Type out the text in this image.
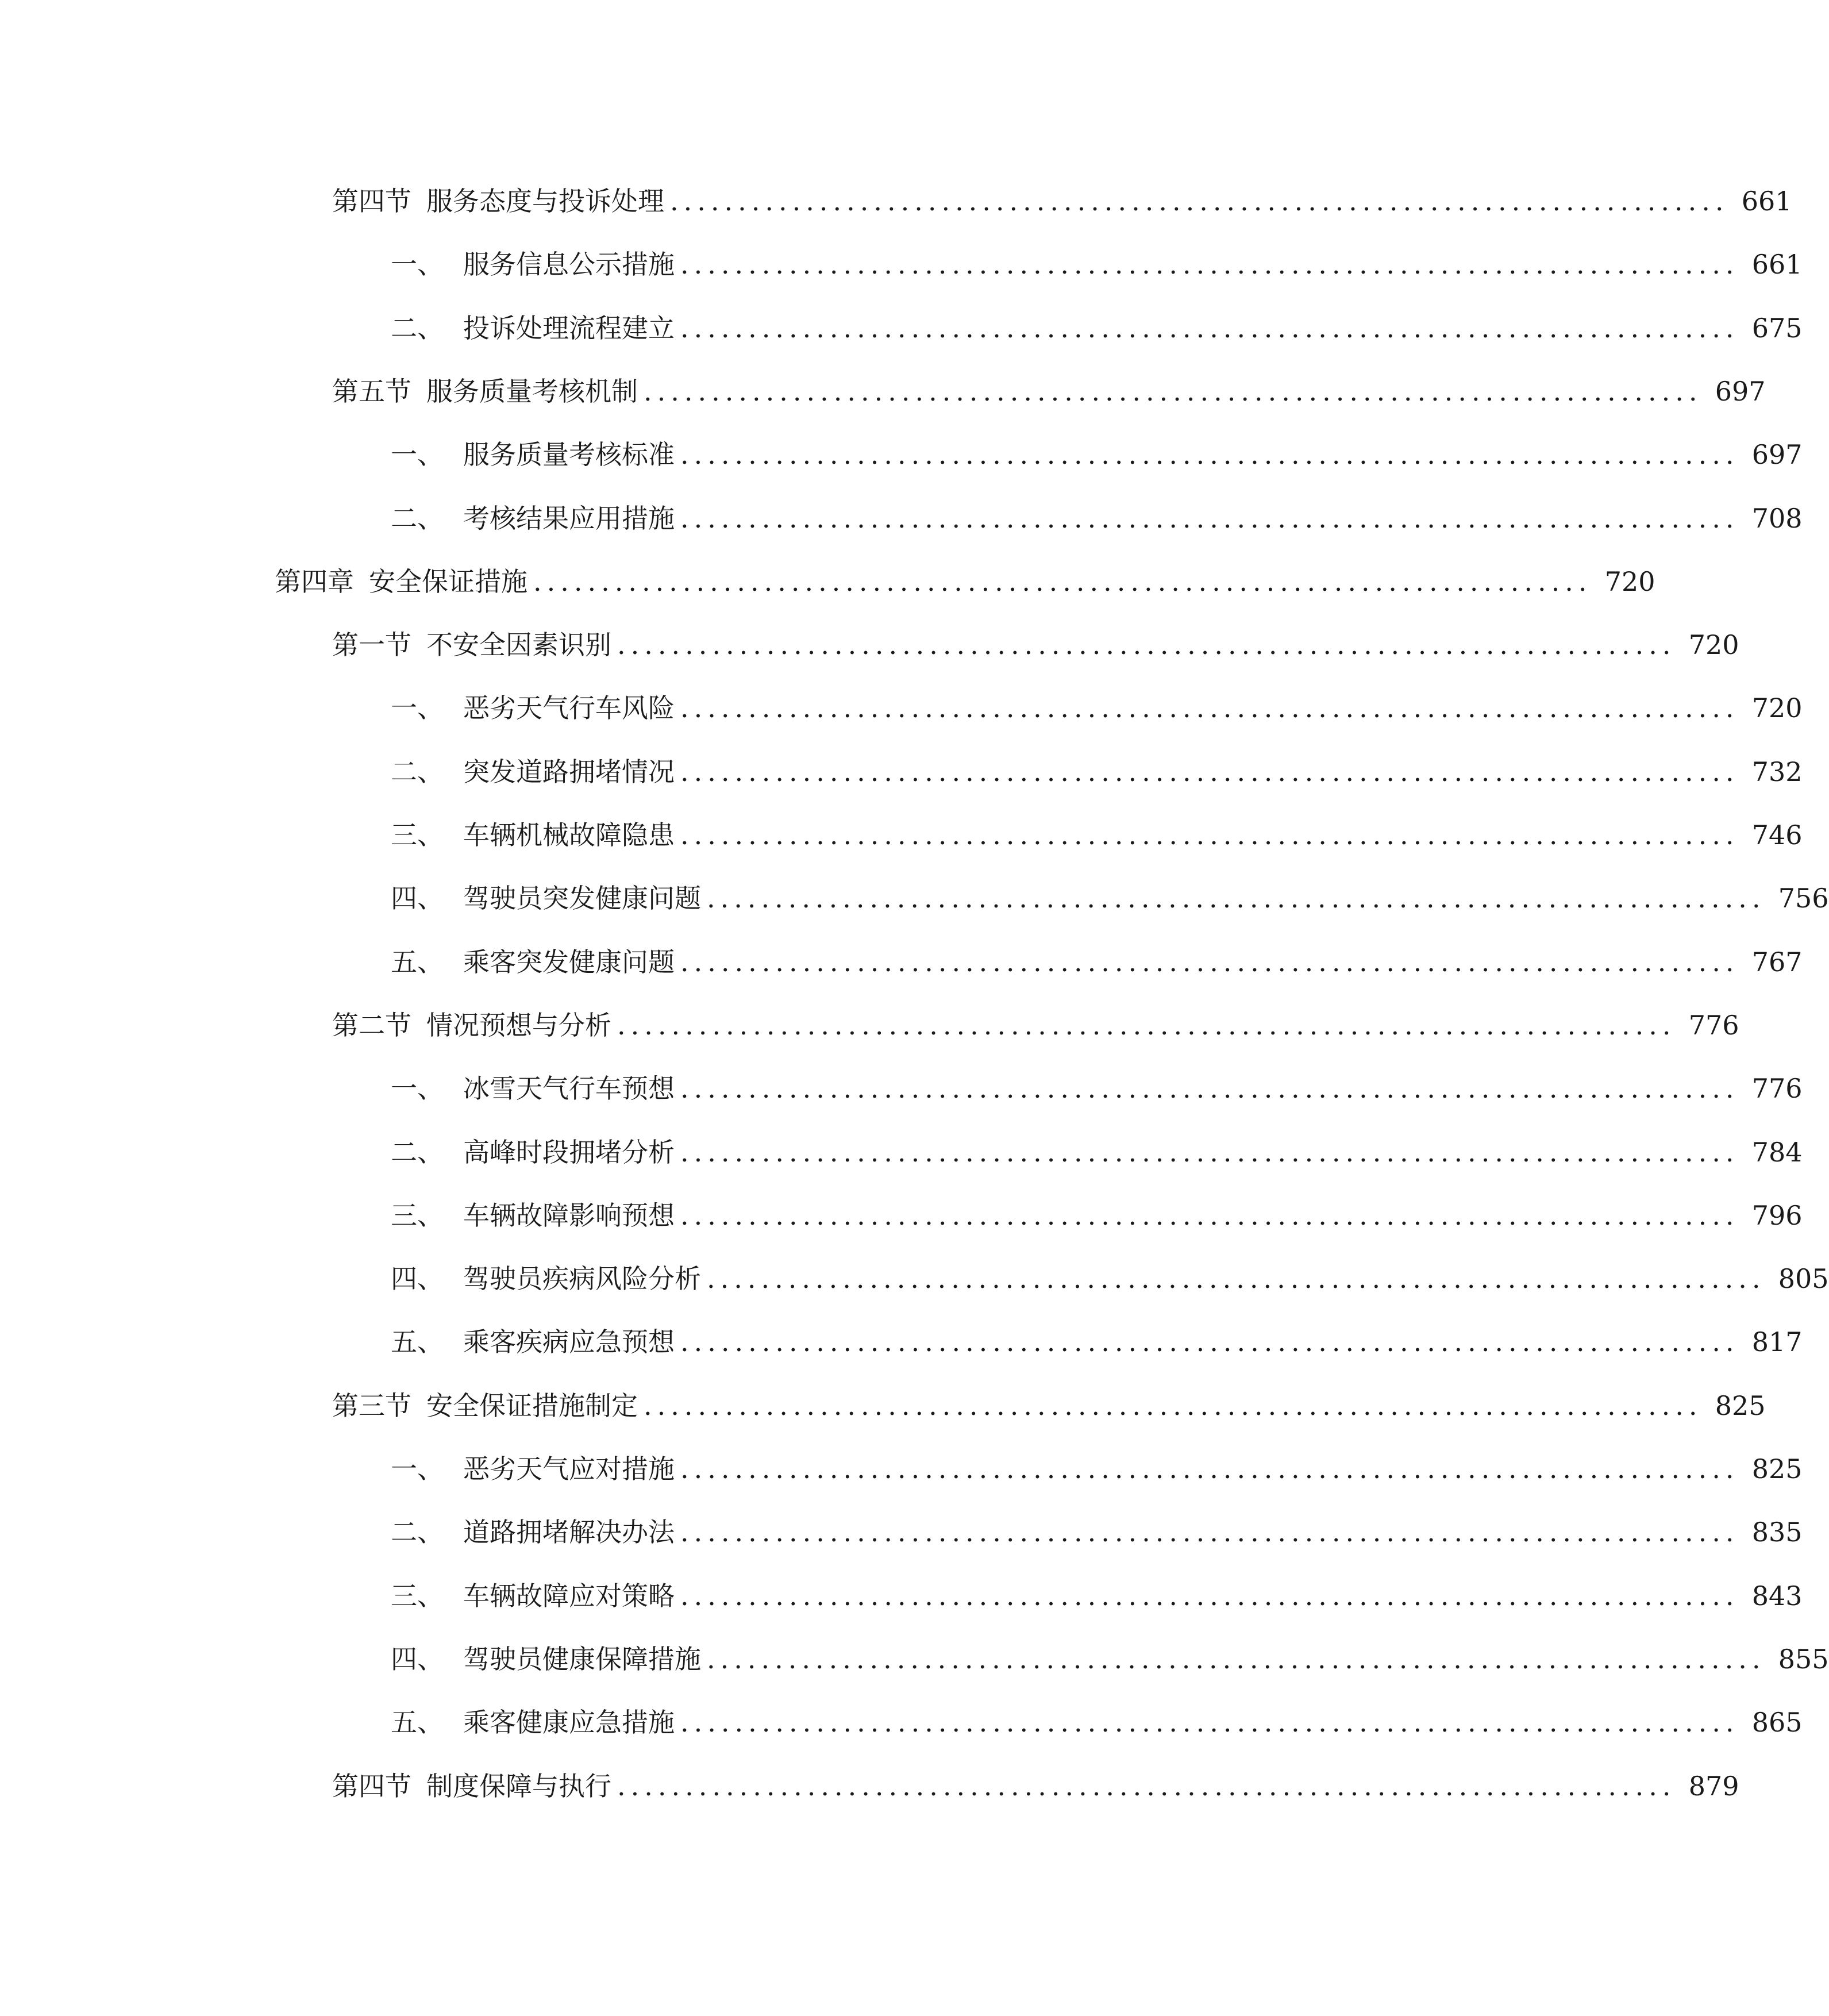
第四节 服务态度与投诉处理 .............................................................................. 661
一、 服务信息公示措施 .............................................................................. 661
二、 投诉处理流程建立 .............................................................................. 675
第五节 服务质量考核机制 .............................................................................. 697
一、 服务质量考核标准 .............................................................................. 697
二、 考核结果应用措施 .............................................................................. 708
第四章 安全保证措施 .............................................................................. 720
第一节 不安全因素识别 .............................................................................. 720
一、 恶劣天气行车风险 .............................................................................. 720
二、 突发道路拥堵情况 .............................................................................. 732
三、 车辆机械故障隐患 .............................................................................. 746
四、 驾驶员突发健康问题 .............................................................................. 756
五、 乘客突发健康问题 .............................................................................. 767
第二节 情况预想与分析 .............................................................................. 776
一、 冰雪天气行车预想 .............................................................................. 776
二、 高峰时段拥堵分析 .............................................................................. 784
三、 车辆故障影响预想 .............................................................................. 796
四、 驾驶员疾病风险分析 .............................................................................. 805
五、 乘客疾病应急预想 .............................................................................. 817
第三节 安全保证措施制定 .............................................................................. 825
一、 恶劣天气应对措施 .............................................................................. 825
二、 道路拥堵解决办法 .............................................................................. 835
三、 车辆故障应对策略 .............................................................................. 843
四、 驾驶员健康保障措施 .............................................................................. 855
五、 乘客健康应急措施 .............................................................................. 865
第四节 制度保障与执行 .............................................................................. 879
